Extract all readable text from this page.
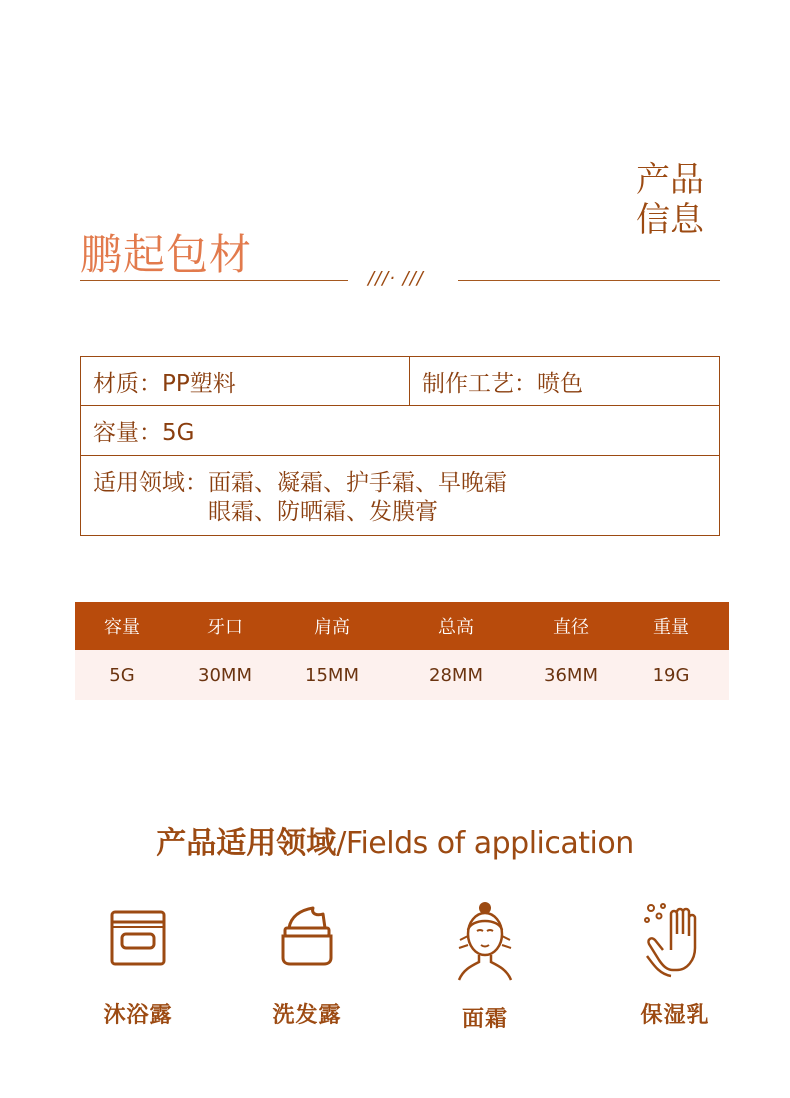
鹏起包材
产品信息
///· ///
材质：PP塑料	制作工艺：喷色
容量：5G
适用领域： 面霜、凝霜、护手霜、早晚霜
眼霜、防晒霜、发膜膏
容量	牙口	肩高	总高	直径	重量
5G	30MM	15MM	28MM	36MM	19G
产品适用领域/Fields of application
沐浴露	洗发露	面霜	保湿乳
